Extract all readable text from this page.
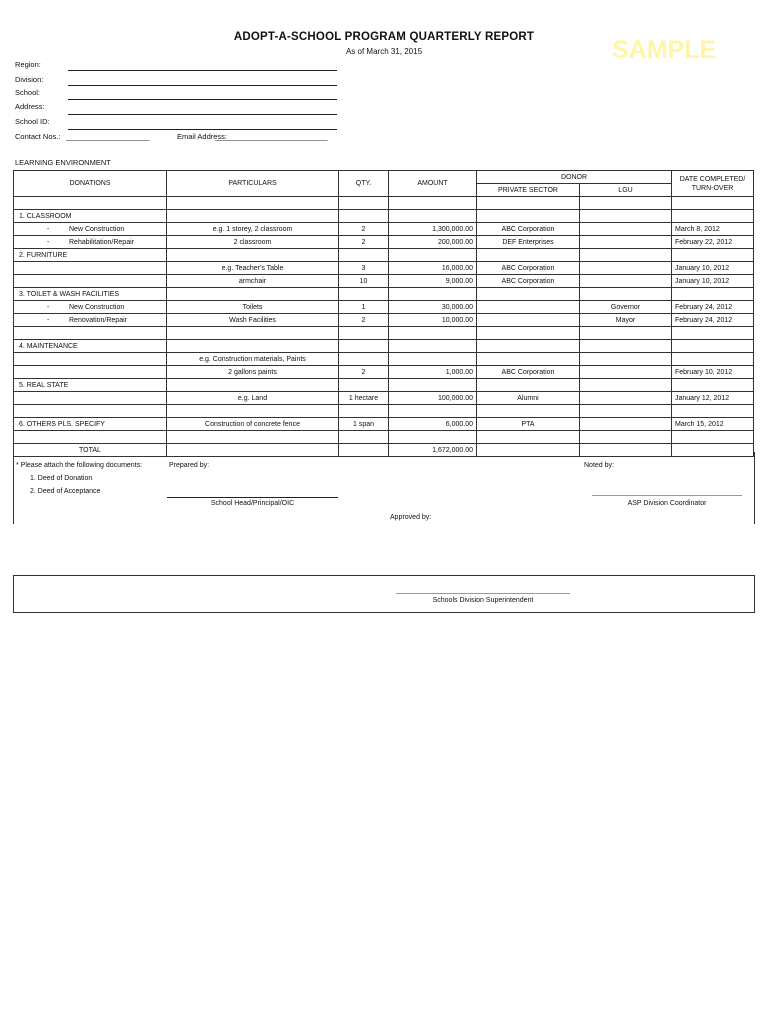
ADOPT-A-SCHOOL PROGRAM QUARTERLY REPORT
As of March 31, 2015	SAMPLE
Region:
Division:
School:
Address:
School ID:
Contact Nos.: ____________________	Email Address:
___________________________
LEARNING ENVIRONMENT
DONATIONS	PARTICULARS	QTY.	AMOUNT	DONOR		DATE COMPLETED/ TURN-OVER
				PRIVATE SECTOR	LGU	

1. CLASSROOM						
- New Construction	e.g. 1 storey, 2 classroom	2	1,300,000.00	ABC Corporation		March 8, 2012
- Rehabilitation/Repair	2 classroom	2	200,000.00	DEF Enterprises		February 22, 2012
2. FURNITURE						
	e.g. Teacher's Table	3	16,000.00	ABC Corporation		January 10, 2012
	armchair	10	9,000.00	ABC Corporation		January 10, 2012
3. TOILET & WASH FACILITIES						
- New Construction	Toilets	1	30,000.00		Governor	February 24, 2012
- Renovation/Repair	Wash Facilities	2	10,000.00		Mayor	February 24, 2012

4. MAINTENANCE						
	e.g. Construction materials, Paints					
	2 gallons paints	2	1,000.00	ABC Corporation		February 10, 2012
5. REAL STATE						
	e.g. Land	1 hectare	100,000.00	Alumni		January 12, 2012

6. OTHERS PLS. SPECIFY	Construction of concrete fence	1 span	6,000.00	PTA		March 15, 2012

TOTAL			1,672,000.00			
* Please attach the following documents:
1. Deed of Donation
2. Deed of Acceptance
Prepared by:	Noted by:
School Head/Principal/OIC	ASP Division Coordinator
Approved by:
Schools Division Superintendent
